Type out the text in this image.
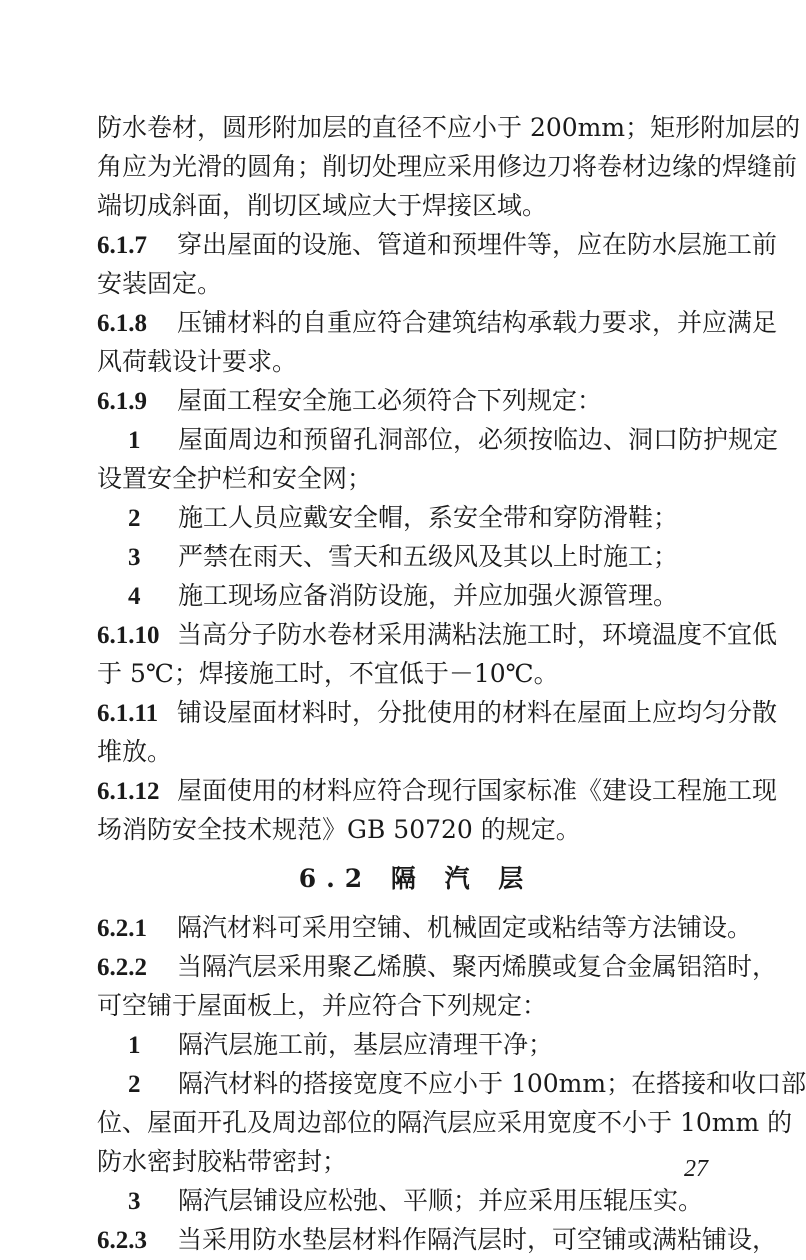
防水卷材，圆形附加层的直径不应小于 200mm；矩形附加层的
角应为光滑的圆角；削切处理应采用修边刀将卷材边缘的焊缝前
端切成斜面，削切区域应大于焊接区域。
6.1.7 穿出屋面的设施、管道和预埋件等，应在防水层施工前
安装固定。
6.1.8 压铺材料的自重应符合建筑结构承载力要求，并应满足
风荷载设计要求。
6.1.9 屋面工程安全施工必须符合下列规定：
1 屋面周边和预留孔洞部位，必须按临边、洞口防护规定
设置安全护栏和安全网；
2 施工人员应戴安全帽，系安全带和穿防滑鞋；
3 严禁在雨天、雪天和五级风及其以上时施工；
4 施工现场应备消防设施，并应加强火源管理。
6.1.10 当高分子防水卷材采用满粘法施工时，环境温度不宜低
于 5℃；焊接施工时，不宜低于－10℃。
6.1.11 铺设屋面材料时，分批使用的材料在屋面上应均匀分散
堆放。
6.1.12 屋面使用的材料应符合现行国家标准《建设工程施工现
场消防安全技术规范》GB 50720 的规定。
6.2 隔 汽 层
6.2.1 隔汽材料可采用空铺、机械固定或粘结等方法铺设。
6.2.2 当隔汽层采用聚乙烯膜、聚丙烯膜或复合金属铝箔时，
可空铺于屋面板上，并应符合下列规定：
1 隔汽层施工前，基层应清理干净；
2 隔汽材料的搭接宽度不应小于 100mm；在搭接和收口部
位、屋面开孔及周边部位的隔汽层应采用宽度不小于 10mm 的
防水密封胶粘带密封；
3 隔汽层铺设应松弛、平顺；并应采用压辊压实。
6.2.3 当采用防水垫层材料作隔汽层时，可空铺或满粘铺设，
27
